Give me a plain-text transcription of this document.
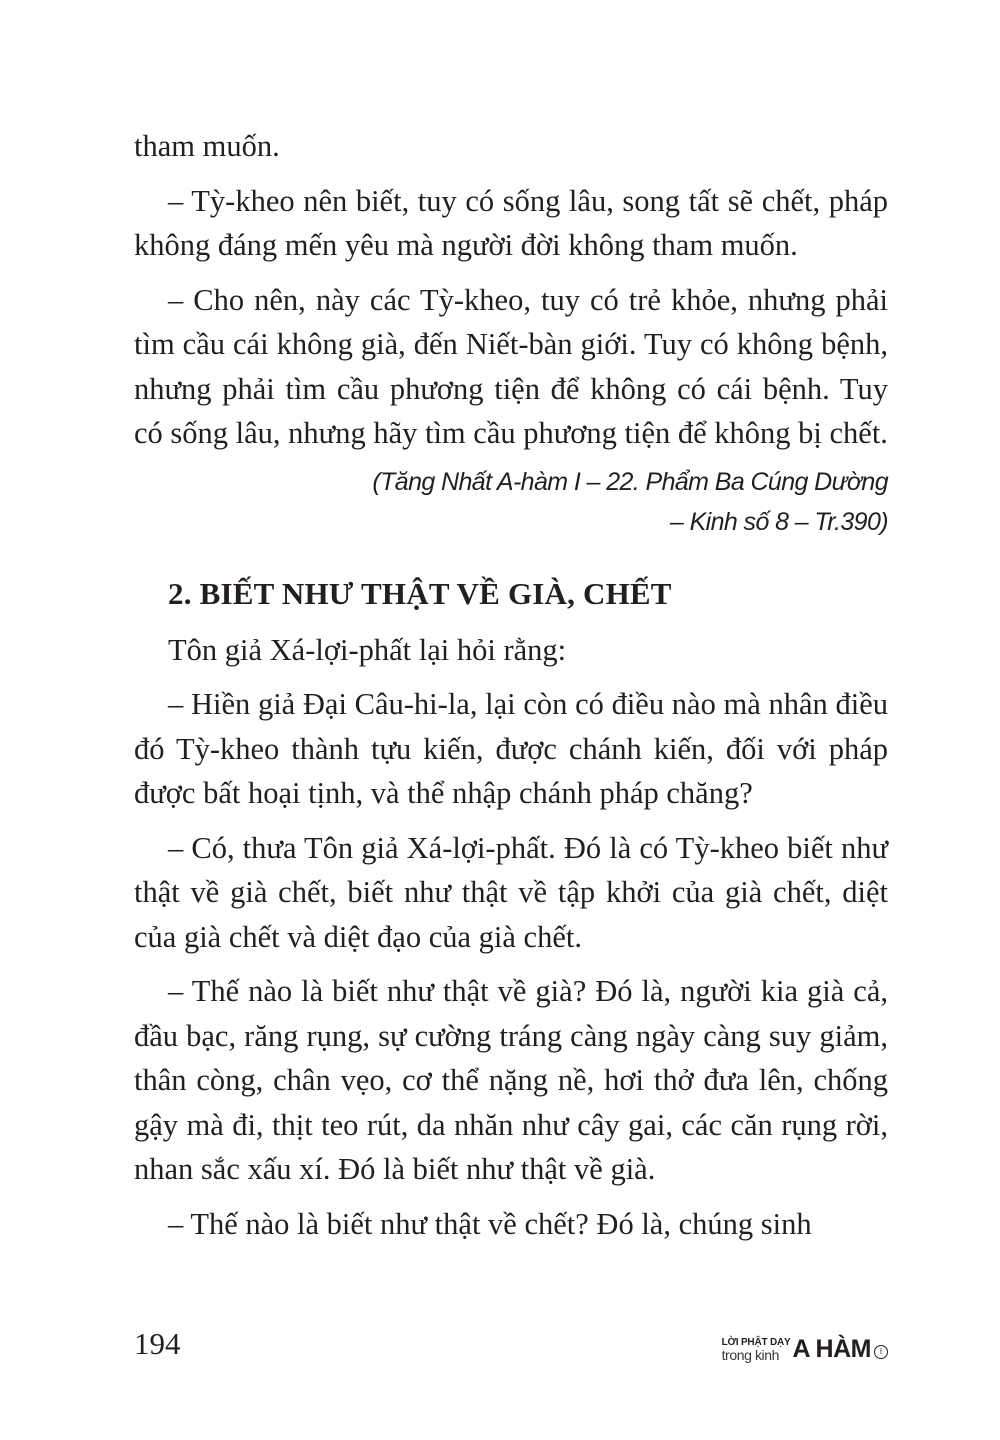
tham muốn.

– Tỳ-kheo nên biết, tuy có sống lâu, song tất sẽ chết, pháp không đáng mến yêu mà người đời không tham muốn.

– Cho nên, này các Tỳ-kheo, tuy có trẻ khỏe, nhưng phải tìm cầu cái không già, đến Niết-bàn giới. Tuy có không bệnh, nhưng phải tìm cầu phương tiện để không có cái bệnh. Tuy có sống lâu, nhưng hãy tìm cầu phương tiện để không bị chết.

(Tăng Nhất A-hàm I – 22. Phẩm Ba Cúng Dường
– Kinh số 8 – Tr.390)
2. BIẾT NHƯ THẬT VỀ GIÀ, CHẾT

Tôn giả Xá-lợi-phất lại hỏi rằng:

– Hiền giả Đại Câu-hi-la, lại còn có điều nào mà nhân điều đó Tỳ-kheo thành tựu kiến, được chánh kiến, đối với pháp được bất hoại tịnh, và thể nhập chánh pháp chăng?

– Có, thưa Tôn giả Xá-lợi-phất. Đó là có Tỳ-kheo biết như thật về già chết, biết như thật về tập khởi của già chết, diệt của già chết và diệt đạo của già chết.

– Thế nào là biết như thật về già? Đó là, người kia già cả, đầu bạc, răng rụng, sự cường tráng càng ngày càng suy giảm, thân còng, chân vẹo, cơ thể nặng nề, hơi thở đưa lên, chống gậy mà đi, thịt teo rút, da nhăn như cây gai, các căn rụng rời, nhan sắc xấu xí. Đó là biết như thật về già.

– Thế nào là biết như thật về chết? Đó là, chúng sinh

194	LỜI PHẬT DẠY
trong kinh A HÀM	I
